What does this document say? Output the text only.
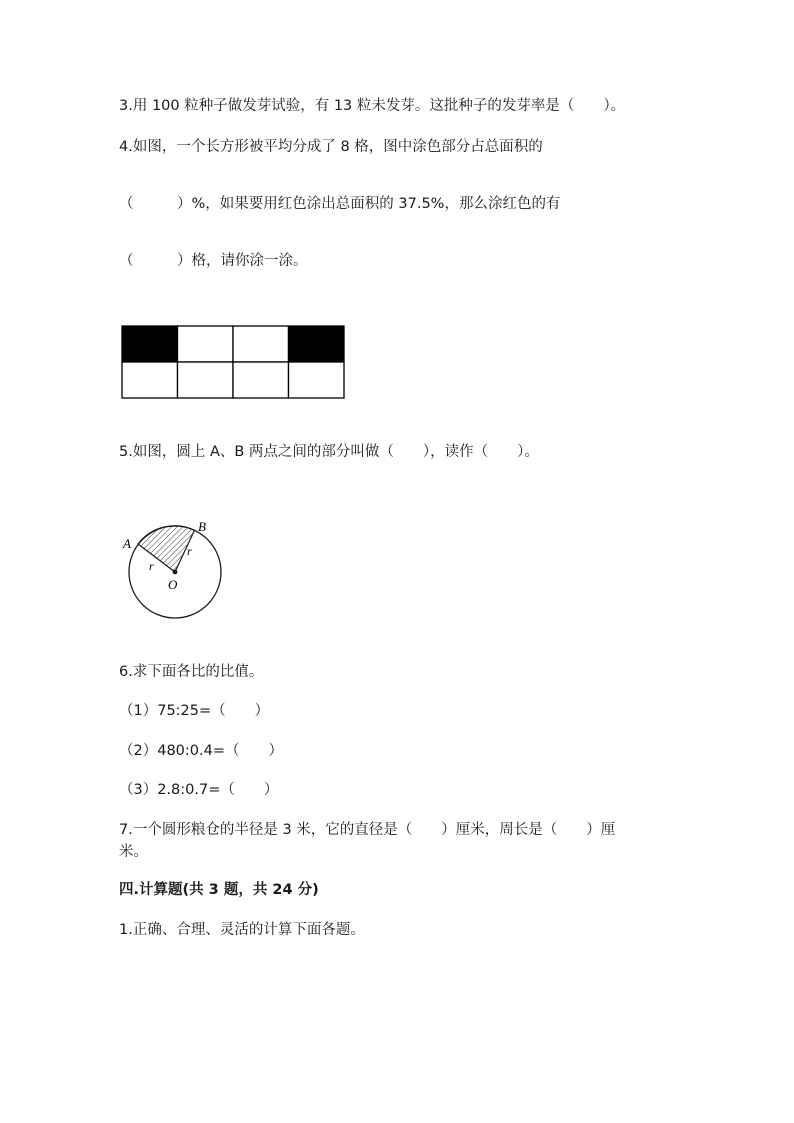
3.用 100 粒种子做发芽试验，有 13 粒未发芽。这批种子的发芽率是（　　）。
4.如图，一个长方形被平均分成了 8 格，图中涂色部分占总面积的
（　　　）%，如果要用红色涂出总面积的 37.5%，那么涂红色的有
（　　　）格，请你涂一涂。
5.如图，圆上 A、B 两点之间的部分叫做（　　），读作（　　）。
A
B
O
r
r
6.求下面各比的比值。
（1）75:25=（　　）
（2）480:0.4=（　　）
（3）2.8:0.7=（　　）
7.一个圆形粮仓的半径是 3 米，它的直径是（　　）厘米，周长是（　　）厘
米。
四.计算题(共 3 题，共 24 分)
1.正确、合理、灵活的计算下面各题。
